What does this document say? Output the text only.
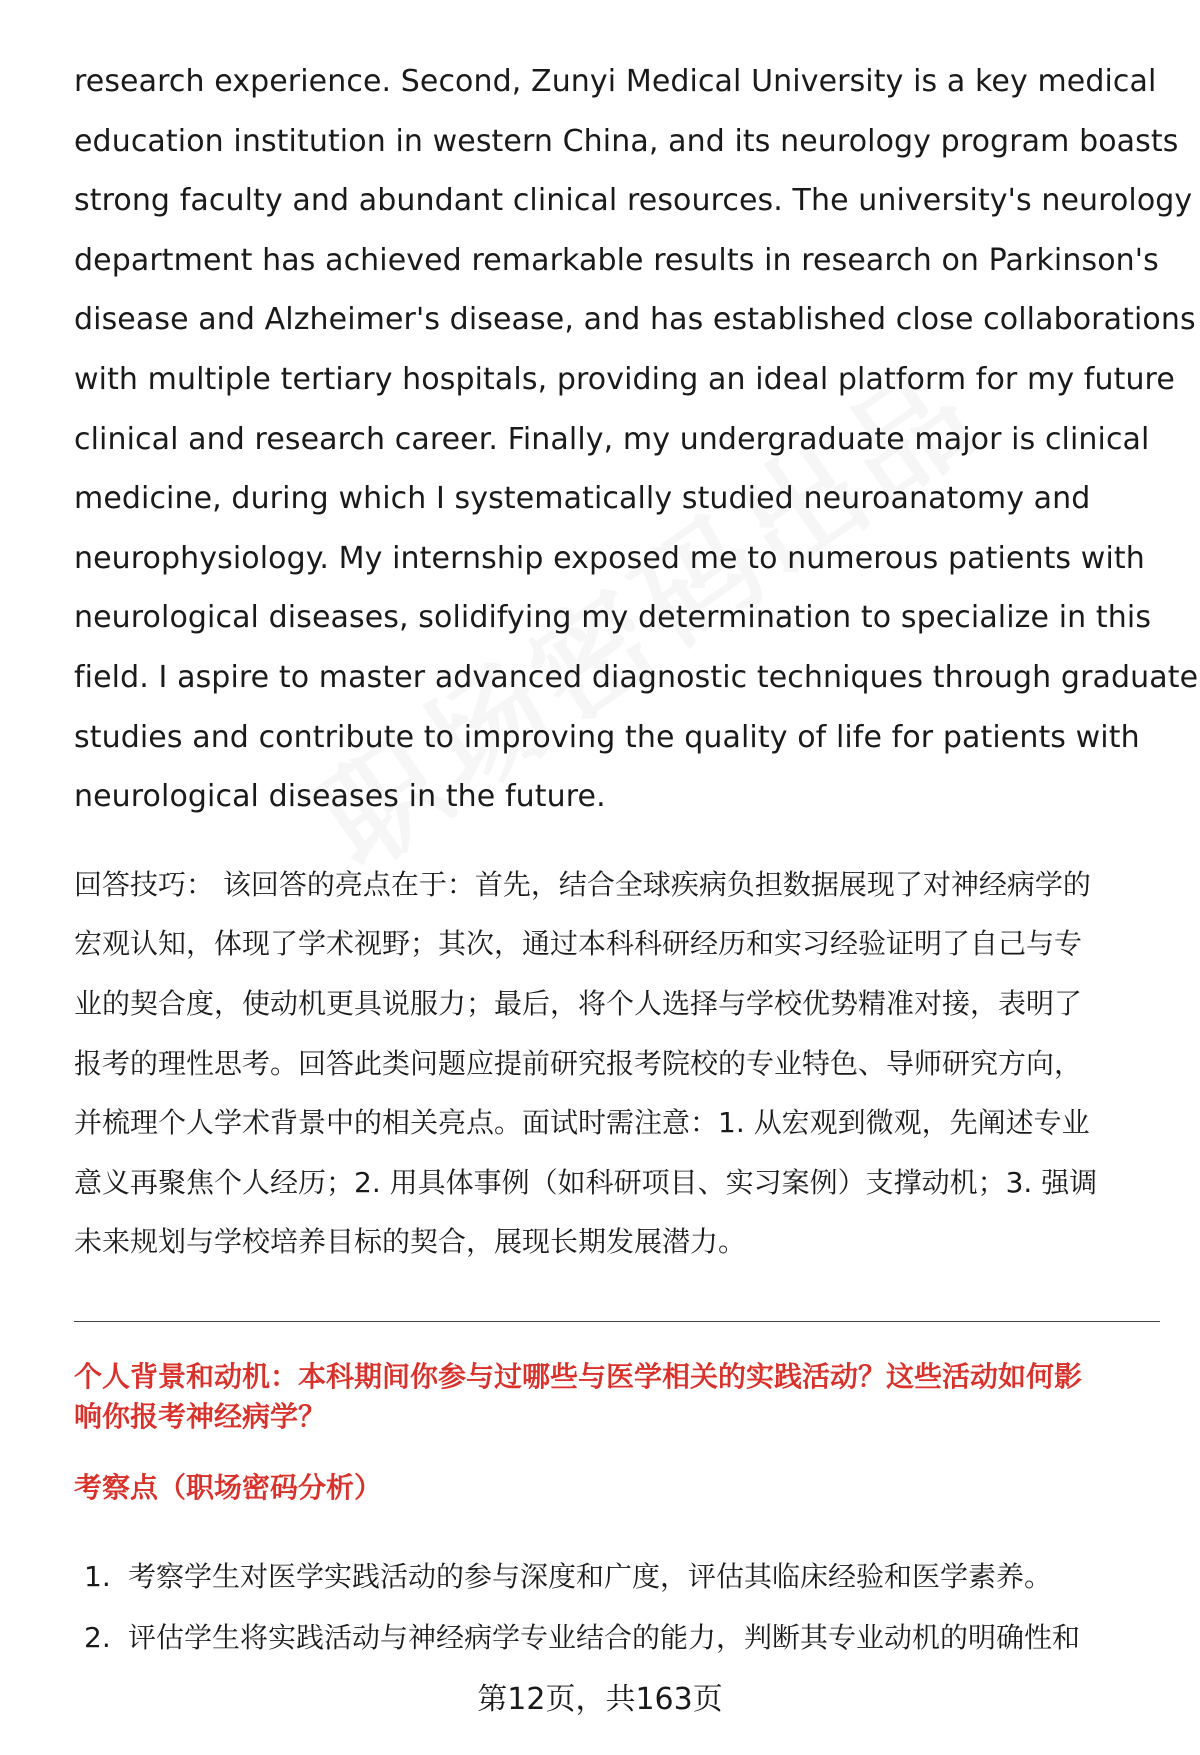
research experience. Second, Zunyi Medical University is a key medical
education institution in western China, and its neurology program boasts
strong faculty and abundant clinical resources. The university's neurology
department has achieved remarkable results in research on Parkinson's
disease and Alzheimer's disease, and has established close collaborations
with multiple tertiary hospitals, providing an ideal platform for my future
clinical and research career. Finally, my undergraduate major is clinical
medicine, during which I systematically studied neuroanatomy and
neurophysiology. My internship exposed me to numerous patients with
neurological diseases, solidifying my determination to specialize in this
field. I aspire to master advanced diagnostic techniques through graduate
studies and contribute to improving the quality of life for patients with
neurological diseases in the future.
回答技巧： 该回答的亮点在于：首先，结合全球疾病负担数据展现了对神经病学的
宏观认知，体现了学术视野；其次，通过本科科研经历和实习经验证明了自己与专
业的契合度，使动机更具说服力；最后，将个人选择与学校优势精准对接，表明了
报考的理性思考。回答此类问题应提前研究报考院校的专业特色、导师研究方向，
并梳理个人学术背景中的相关亮点。面试时需注意：1. 从宏观到微观，先阐述专业
意义再聚焦个人经历；2. 用具体事例（如科研项目、实习案例）支撑动机；3. 强调
未来规划与学校培养目标的契合，展现长期发展潜力。
个人背景和动机：本科期间你参与过哪些与医学相关的实践活动？这些活动如何影
响你报考神经病学？
考察点（职场密码分析）
1. 考察学生对医学实践活动的参与深度和广度，评估其临床经验和医学素养。
2. 评估学生将实践活动与神经病学专业结合的能力，判断其专业动机的明确性和
第12页，共163页
